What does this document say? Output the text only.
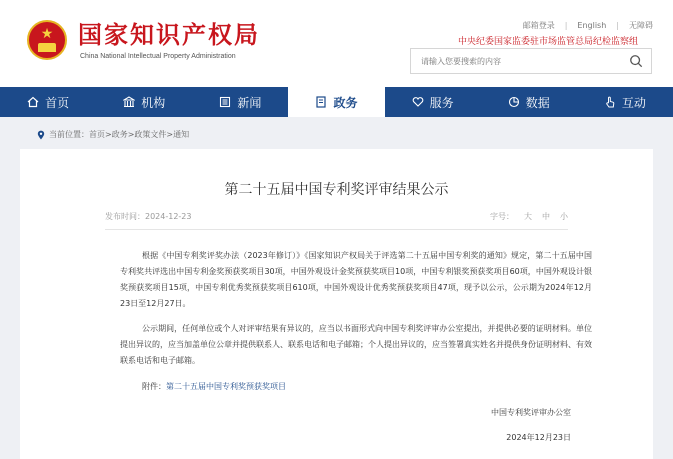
★	国家知识产权局
China National Intellectual Property Administration
邮箱登录 | English | 无障碍
中央纪委国家监委驻市场监管总局纪检监察组
请输入您要搜索的内容
首页	机构	新闻	政务	服务	数据	互动
当前位置： 首页>政务>政策文件>通知
第二十五届中国专利奖评审结果公示
发布时间：2024-12-23	字号： 大 中 小
根据《中国专利奖评奖办法（2023年修订）》《国家知识产权局关于评选第二十五届中国专利奖的通知》规定，第二十五届中国专利奖共评选出中国专利金奖预获奖项目30项，中国外观设计金奖预获奖项目10项，中国专利银奖预获奖项目60项，中国外观设计银奖预获奖项目15项，中国专利优秀奖预获奖项目610项，中国外观设计优秀奖预获奖项目47项，现予以公示，公示期为2024年12月23日至12月27日。
公示期间，任何单位或个人对评审结果有异议的，应当以书面形式向中国专利奖评审办公室提出，并提供必要的证明材料。单位提出异议的，应当加盖单位公章并提供联系人、联系电话和电子邮箱；个人提出异议的，应当签署真实姓名并提供身份证明材料、有效联系电话和电子邮箱。
附件：第二十五届中国专利奖预获奖项目
中国专利奖评审办公室
2024年12月23日
